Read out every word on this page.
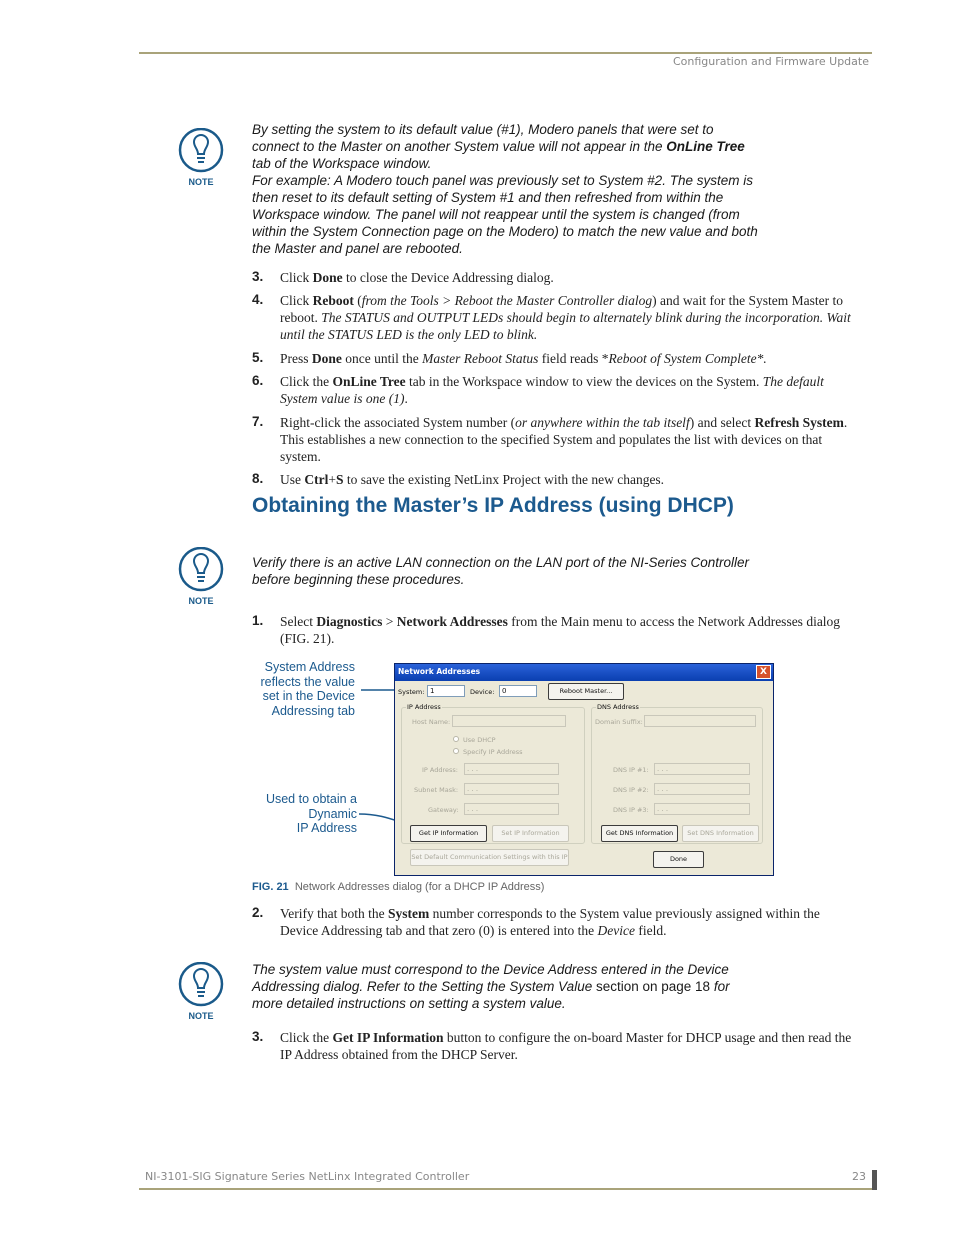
Configuration and Firmware Update
NOTE
By setting the system to its default value (#1), Modero panels that were set to
connect to the Master on another System value will not appear in the OnLine Tree
tab of the Workspace window.
For example: A Modero touch panel was previously set to System #2. The system is
then reset to its default setting of System #1 and then refreshed from within the
Workspace window. The panel will not reappear until the system is changed (from
within the System Connection page on the Modero) to match the new value and both
the Master and panel are rebooted.
3. Click Done to close the Device Addressing dialog.
4. Click Reboot (from the Tools > Reboot the Master Controller dialog) and wait for the System Master to
reboot. The STATUS and OUTPUT LEDs should begin to alternately blink during the incorporation. Wait
until the STATUS LED is the only LED to blink.
5. Press Done once until the Master Reboot Status field reads *Reboot of System Complete*.
6. Click the OnLine Tree tab in the Workspace window to view the devices on the System. The default
System value is one (1).
7. Right-click the associated System number (or anywhere within the tab itself) and select Refresh System.
This establishes a new connection to the specified System and populates the list with devices on that
system.
8. Use Ctrl+S to save the existing NetLinx Project with the new changes.
Obtaining the Master’s IP Address (using DHCP)
NOTE
Verify there is an active LAN connection on the LAN port of the NI-Series Controller
before beginning these procedures.
1. Select Diagnostics > Network Addresses from the Main menu to access the Network Addresses dialog
(FIG. 21).
System Address
reflects the value
set in the Device
Addressing tab
Used to obtain a
Dynamic
IP Address
Network Addresses	X
System: 1	Device:	0	Reboot Master...
IP Address	DNS Address
Host Name:
Use DHCP
Specify IP Address
IP Address:	. . .
Subnet Mask:	. . .
Gateway:	. . .
Get IP Information	Set IP Information
Set Default Communication Settings with this IP
Domain Suffix:
DNS IP #1:	. . .
DNS IP #2:	. . .
DNS IP #3:	. . .
Get DNS Information	Set DNS Information
Done
FIG. 21 Network Addresses dialog (for a DHCP IP Address)
2. Verify that both the System number corresponds to the System value previously assigned within the
Device Addressing tab and that zero (0) is entered into the Device field.
NOTE
The system value must correspond to the Device Address entered in the Device
Addressing dialog. Refer to the Setting the System Value section on page 18 for
more detailed instructions on setting a system value.
3. Click the Get IP Information button to configure the on-board Master for DHCP usage and then read the
IP Address obtained from the DHCP Server.
NI-3101-SIG Signature Series NetLinx Integrated Controller	23
